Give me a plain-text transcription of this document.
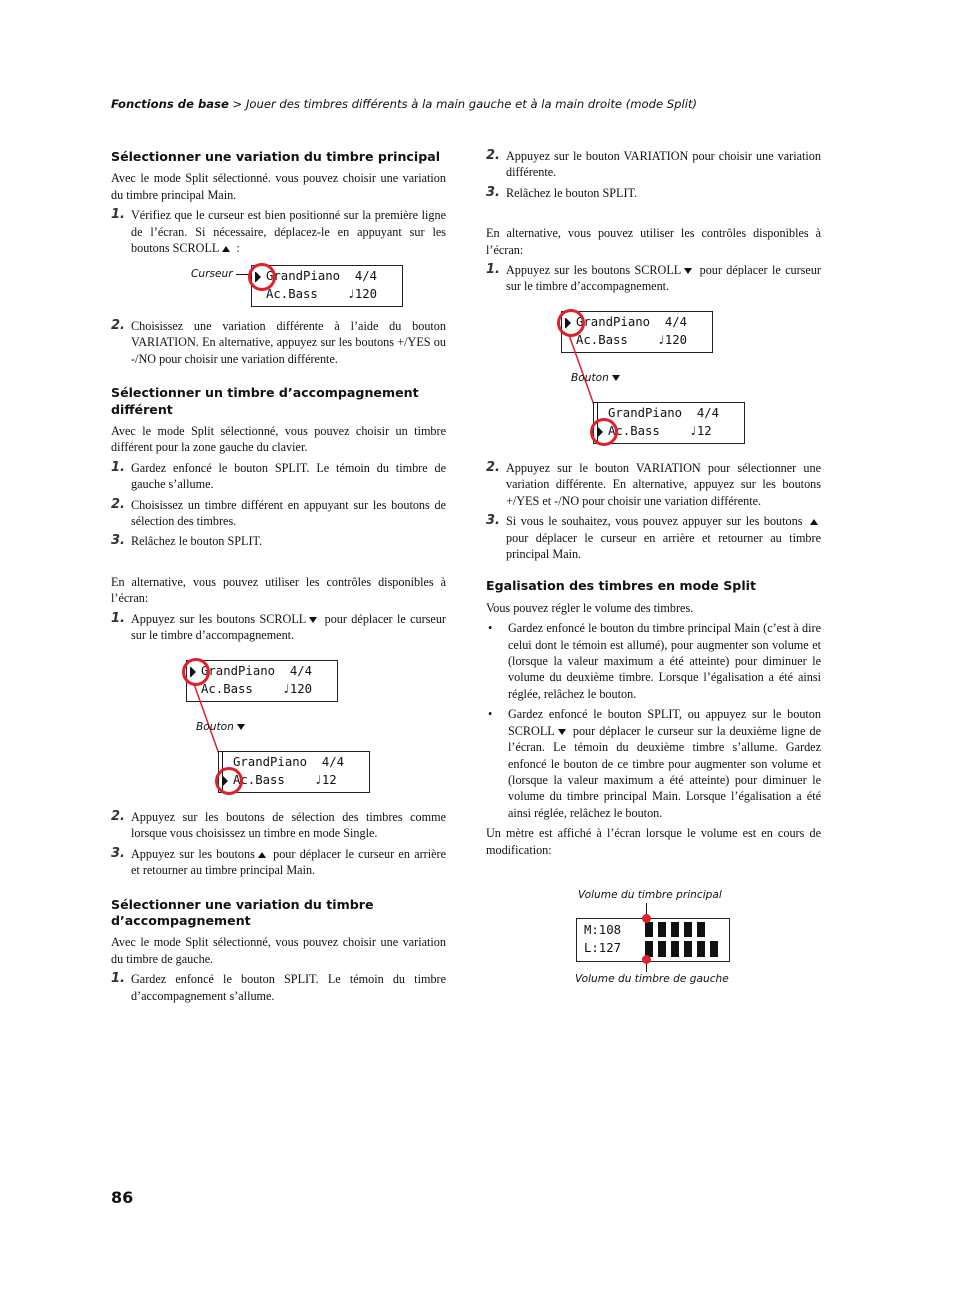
Fonctions de base > Jouer des timbres différents à la main gauche et à la main droite (mode Split)
Sélectionner une variation du timbre principal

Avec le mode Split sélectionné. vous pouvez choisir une variation du timbre principal Main.

1. Vérifiez que le curseur est bien positionné sur la première ligne de l’écran. Si nécessaire, déplacez-le en appuyant sur les boutons SCROLL :
Curseur

	GrandPiano  4/4

Ac.Bass    ♩120

2. Choisissez une variation différente à l’aide du bouton VARIATION. En alternative, appuyez sur les boutons +/YES ou -/NO pour choisir une variation différente.
Sélectionner un timbre d’accompagnement différent

Avec le mode Split sélectionné, vous pouvez choisir un timbre différent pour la zone gauche du clavier.

1. Gardez enfoncé le bouton SPLIT. Le témoin du timbre de gauche s’allume.
2. Choisissez un timbre différent en appuyant sur les boutons de sélection des timbres.
3. Relâchez le bouton SPLIT.

En alternative, vous pouvez utiliser les contrôles disponibles à l’écran:

1. Appuyez sur les boutons SCROLL pour déplacer le curseur sur le timbre d’accompagnement.

GrandPiano  4/4

Ac.Bass    ♩120

Bouton

GrandPiano  4/4

Ac.Bass    ♩12

2. Appuyez sur les boutons de sélection des timbres comme lorsque vous choisissez un timbre en mode Single.
3. Appuyez sur les boutons pour déplacer le curseur en arrière et retourner au timbre principal Main.
Sélectionner une variation du timbre d’accompagnement

Avec le mode Split sélectionné, vous pouvez choisir une variation du timbre de gauche.

1. Gardez enfoncé le bouton SPLIT. Le témoin du timbre d’accompagnement s’allume.
2. Appuyez sur le bouton VARIATION pour choisir une variation différente.
3. Relâchez le bouton SPLIT.

En alternative, vous pouvez utiliser les contrôles disponibles à l’écran:

1. Appuyez sur les boutons SCROLL pour déplacer le curseur sur le timbre d’accompagnement.

GrandPiano  4/4

Ac.Bass    ♩120

Bouton

GrandPiano  4/4

Ac.Bass    ♩12

2. Appuyez sur le bouton VARIATION pour sélectionner une variation différente. En alternative, appuyez sur les boutons +/YES et -/NO pour choisir une variation différente.
3. Si vous le souhaitez, vous pouvez appuyer sur les boutons  pour déplacer le curseur en arrière et retourner au timbre principal Main.
Egalisation des timbres en mode Split

Vous pouvez régler le volume des timbres.

•	Gardez enfoncé le bouton du timbre principal Main (c’est à dire celui dont le témoin est allumé), pour augmenter son volume et (lorsque la valeur maximum a été atteinte) pour diminuer le volume du deuxième timbre. Lorsque l’égalisation a été ainsi réglée, relâchez le bouton.
•	Gardez enfoncé le bouton SPLIT, ou appuyez sur le bouton SCROLL pour déplacer le curseur sur la deuxième ligne de l’écran. Le témoin du deuxième timbre s’allume. Gardez enfoncé le bouton de ce timbre pour augmenter son volume et (lorsque la valeur maximum a été atteinte) pour diminuer le volume du timbre principal Main. Lorsque l’égalisation a été ainsi réglée, relâchez le bouton.

Un mètre est affiché à l’écran lorsque le volume est en cours de modification:

Volume du timbre principal

M:108

L:127

Volume du timbre de gauche
86
